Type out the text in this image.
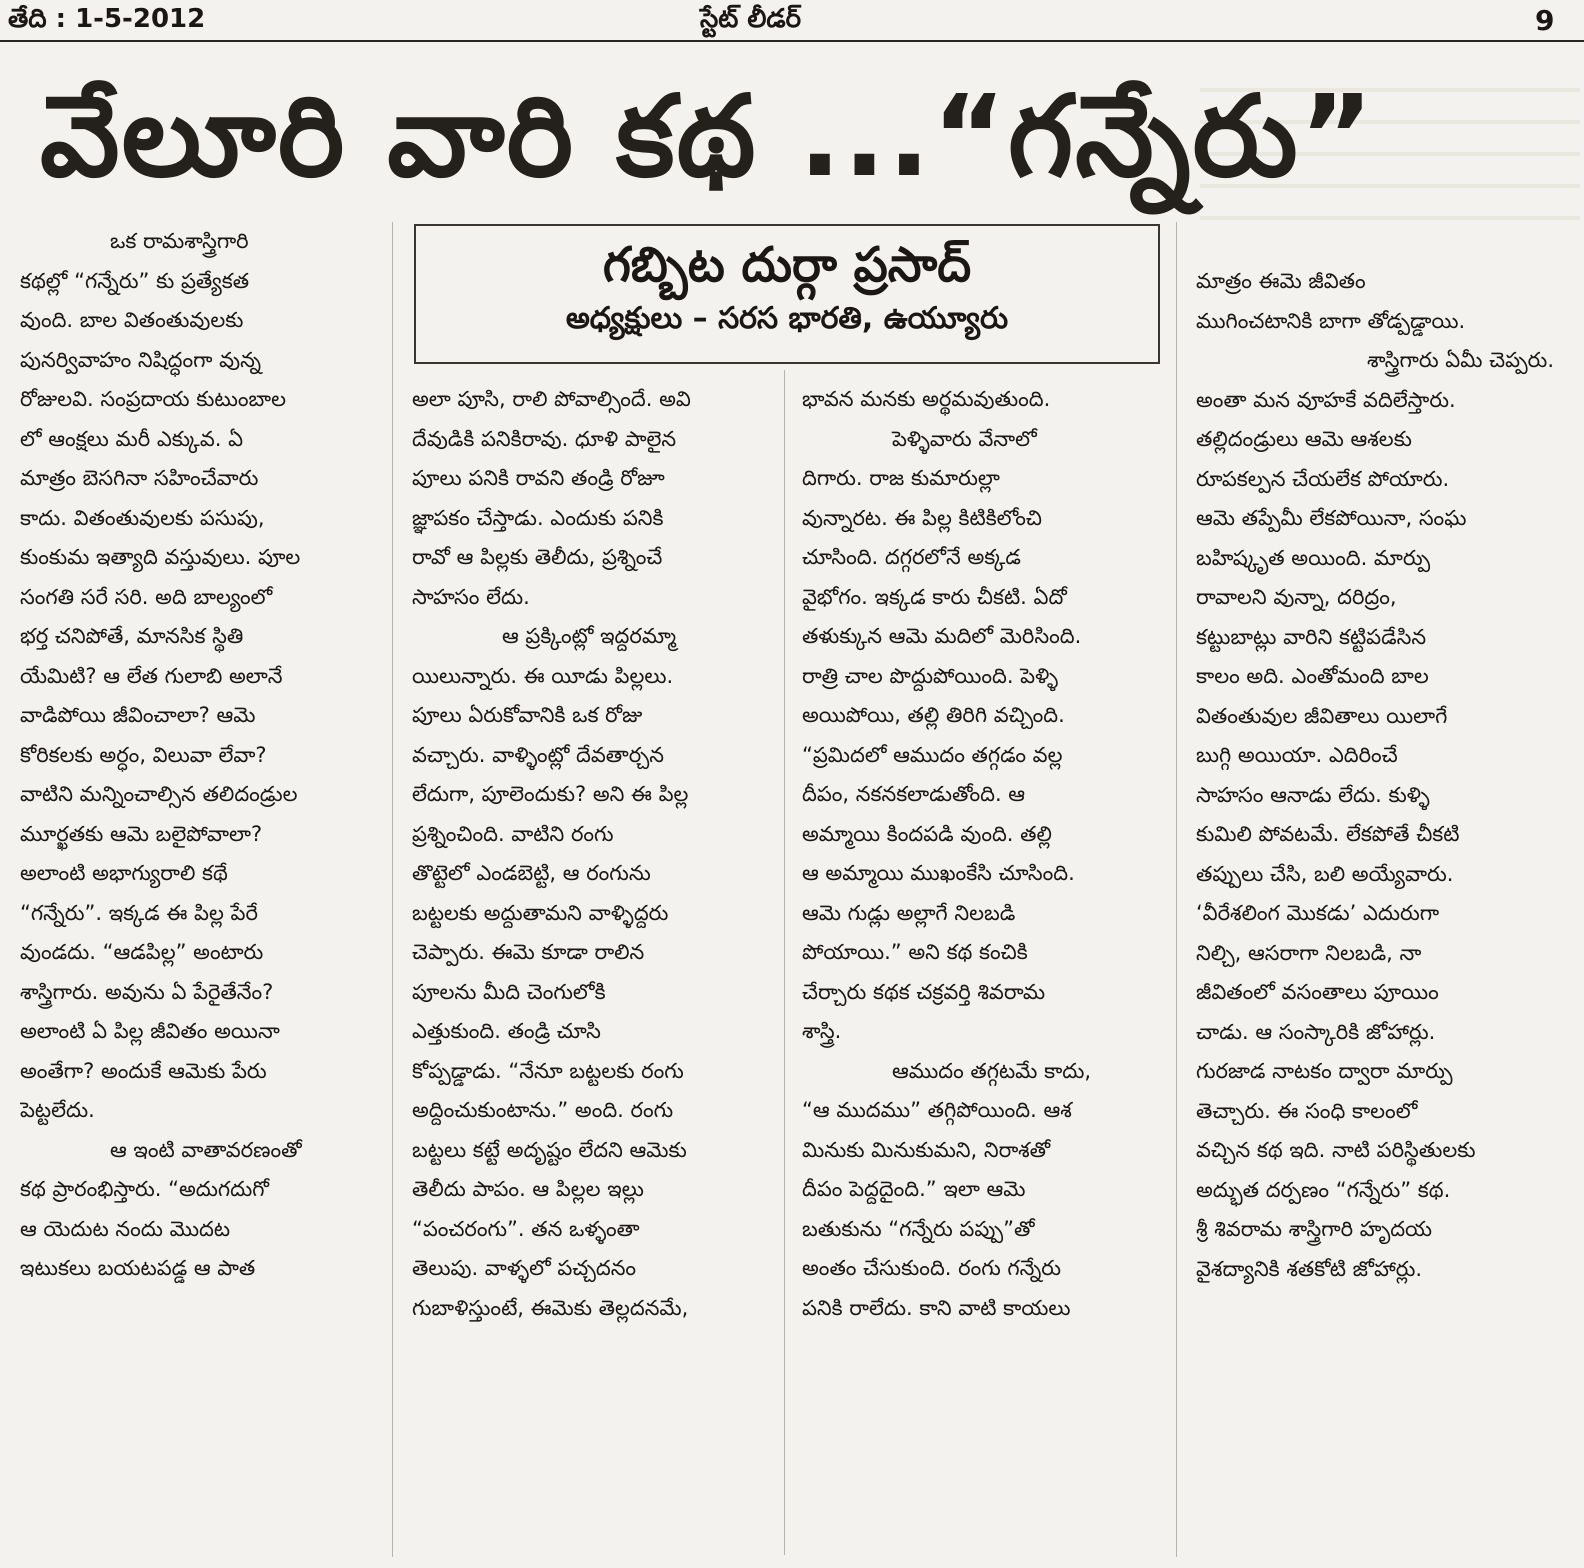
తేది : 1-5-2012	స్టేట్ లీడర్	9
వేలూరి వారి కథ ...“గన్నేరు”
గబ్బిట దుర్గా ప్రసాద్
అధ్యక్షులు – సరస భారతి, ఉయ్యూరు
ఒక రామశాస్త్రిగారి
కథల్లో “గన్నేరు” కు ప్రత్యేకత
వుంది. బాల వితంతువులకు
పునర్వివాహం నిషిద్ధంగా వున్న
రోజులవి. సంప్రదాయ కుటుంబాల
లో ఆంక్షలు మరీ ఎక్కువ. ఏ
మాత్రం బెసగినా సహించేవారు
కాదు. వితంతువులకు పసుపు,
కుంకుమ ఇత్యాది వస్తువులు. పూల
సంగతి సరే సరి. అది బాల్యంలో
భర్త చనిపోతే, మానసిక స్థితి
యేమిటి? ఆ లేత గులాబి అలానే
వాడిపోయి జీవించాలా? ఆమె
కోరికలకు అర్ధం, విలువా లేవా?
వాటిని మన్నించాల్సిన తలిదండ్రుల
మూర్ఖతకు ఆమె బలైపోవాలా?
అలాంటి అభాగ్యురాలి కథే
“గన్నేరు”. ఇక్కడ ఈ పిల్ల పేరే
వుండదు. “ఆడపిల్ల” అంటారు
శాస్త్రిగారు. అవును ఏ పేరైతేనేం?
అలాంటి ఏ పిల్ల జీవితం అయినా
అంతేగా? అందుకే ఆమెకు పేరు
పెట్టలేదు.
ఆ ఇంటి వాతావరణంతో
కథ ప్రారంభిస్తారు. “అదుగదుగో
ఆ యెదుట నందు మొదట
ఇటుకలు బయటపడ్డ ఆ పాత
అలా పూసి, రాలి పోవాల్సిందే. అవి
దేవుడికి పనికిరావు. ధూళి పాలైన
పూలు పనికి రావని తండ్రి రోజూ
జ్ఞాపకం చేస్తాడు. ఎందుకు పనికి
రావో ఆ పిల్లకు తెలీదు, ప్రశ్నించే
సాహసం లేదు.
ఆ ప్రక్కింట్లో ఇద్దరమ్మా
యిలున్నారు. ఈ యీడు పిల్లలు.
పూలు ఏరుకోవానికి ఒక రోజు
వచ్చారు. వాళ్ళింట్లో దేవతార్చన
లేదుగా, పూలెందుకు? అని ఈ పిల్ల
ప్రశ్నించింది. వాటిని రంగు
తొట్టెలో ఎండబెట్టి, ఆ రంగును
బట్టలకు అద్దుతామని వాళ్ళిద్దరు
చెప్పారు. ఈమె కూడా రాలిన
పూలను మీది చెంగులోకి
ఎత్తుకుంది. తండ్రి చూసి
కోప్పడ్డాడు. “నేనూ బట్టలకు రంగు
అద్దించుకుంటాను.” అంది. రంగు
బట్టలు కట్టే అదృష్టం లేదని ఆమెకు
తెలీదు పాపం. ఆ పిల్లల ఇల్లు
“పంచరంగు”. తన ఒళ్ళంతా
తెలుపు. వాళ్ళలో పచ్చదనం
గుబాళిస్తుంటే, ఈమెకు తెల్లదనమే,
భావన మనకు అర్థమవుతుంది.
పెళ్ళివారు వేనాలో
దిగారు. రాజ కుమారుల్లా
వున్నారట. ఈ పిల్ల కిటికిలోంచి
చూసింది. దగ్గరలోనే అక్కడ
వైభోగం. ఇక్కడ కారు చీకటి. ఏదో
తళుక్కున ఆమె మదిలో మెరిసింది.
రాత్రి చాల పొద్దుపోయింది. పెళ్ళి
అయిపోయి, తల్లి తిరిగి వచ్చింది.
“ప్రమిదలో ఆముదం తగ్గడం వల్ల
దీపం, నకనకలాడుతోంది. ఆ
అమ్మాయి కిందపడి వుంది. తల్లి
ఆ అమ్మాయి ముఖంకేసి చూసింది.
ఆమె గుడ్లు అల్లాగే నిలబడి
పోయాయి.” అని కథ కంచికి
చేర్చారు కథక చక్రవర్తి శివరామ
శాస్త్రి.
ఆముదం తగ్గటమే కాదు,
“ఆ ముదము” తగ్గిపోయింది. ఆశ
మినుకు మినుకుమని, నిరాశతో
దీపం పెద్దదైంది.” ఇలా ఆమె
బతుకును “గన్నేరు పప్పు”తో
అంతం చేసుకుంది. రంగు గన్నేరు
పనికి రాలేదు. కాని వాటి కాయలు
మాత్రం ఈమె జీవితం
ముగించటానికి బాగా తోడ్పడ్డాయి.
శాస్త్రిగారు ఏమీ చెప్పరు.
అంతా మన వూహకే వదిలేస్తారు.
తల్లిదండ్రులు ఆమె ఆశలకు
రూపకల్పన చేయలేక పోయారు.
ఆమె తప్పేమీ లేకపోయినా, సంఘ
బహిష్కృత అయింది. మార్పు
రావాలని వున్నా, దరిద్రం,
కట్టుబాట్లు వారిని కట్టిపడేసిన
కాలం అది. ఎంతోమంది బాల
వితంతువుల జీవితాలు యిలాగే
బుగ్గి అయియా. ఎదిరించే
సాహసం ఆనాడు లేదు. కుళ్ళి
కుమిలి పోవటమే. లేకపోతే చీకటి
తప్పులు చేసి, బలి అయ్యేవారు.
‘వీరేశలింగ మొకడు’ ఎదురుగా
నిల్చి, ఆసరాగా నిలబడి, నా
జీవితంలో వసంతాలు పూయిం
చాడు. ఆ సంస్కారికి జోహార్లు.
గురజాడ నాటకం ద్వారా మార్పు
తెచ్చారు. ఈ సంధి కాలంలో
వచ్చిన కథ ఇది. నాటి పరిస్థితులకు
అద్భుత దర్పణం “గన్నేరు” కథ.
శ్రీ శివరామ శాస్త్రిగారి హృదయ
వైశద్యానికి శతకోటి జోహార్లు.
